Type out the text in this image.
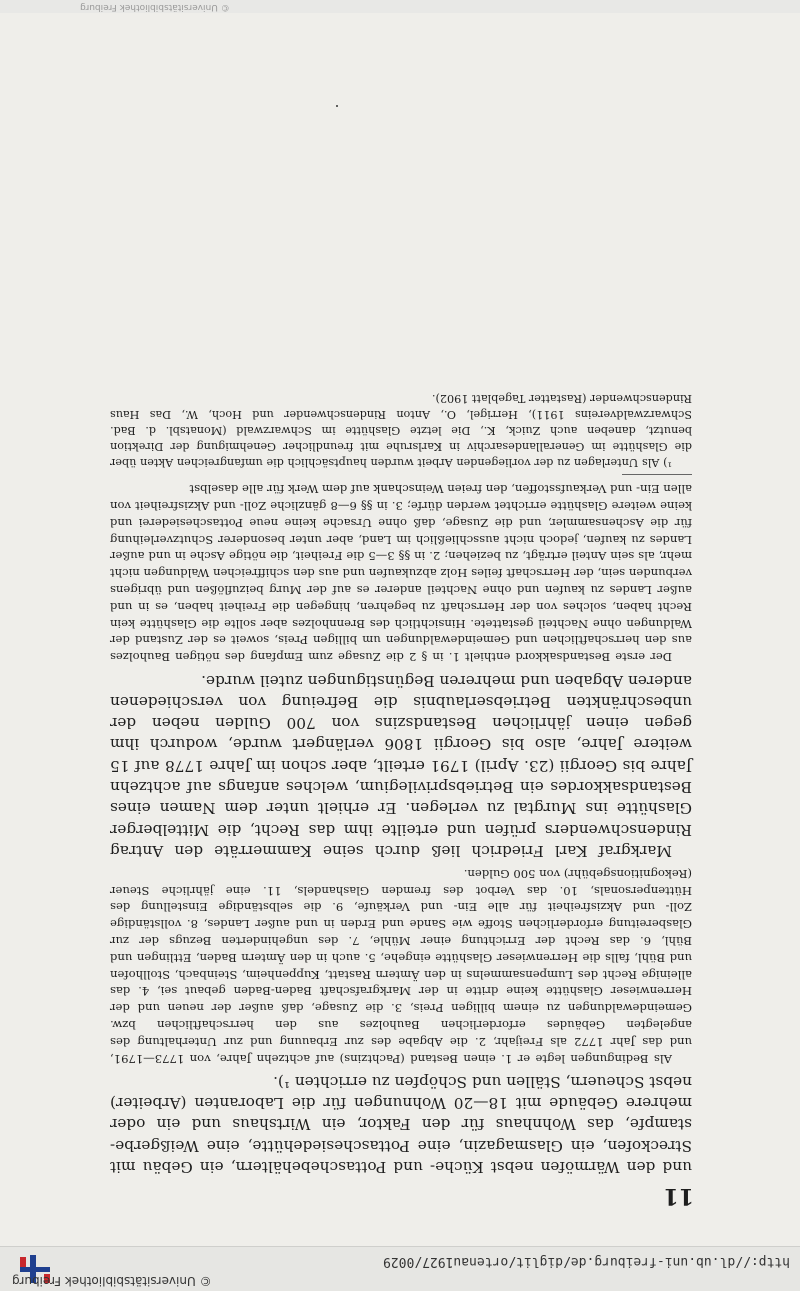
http://dl.ub.uni-freiburg.de/diglit/ortenau1927/0029
© Universitätsbibliothek Freiburg
11

und den Wärmöfen nebst Küche- und Pottaschebehältern, ein Gebäu mit Streckofen, ein Glasmagazin, eine Pottaschesiedehütte, eine Weißgerbe-stampfe, das Wohnhaus für den Faktor, ein Wirtshaus und ein oder mehrere Gebäude mit 18—20 Wohnungen für die Laboranten (Arbeiter) nebst Scheuern, Ställen und Schöpfen zu errichten ¹).

Als Bedingungen legte er 1. einen Bestand (Pachtzins) auf achtzehn Jahre, von 1773—1791, und das Jahr 1772 als Freijahr, 2. die Abgabe des zur Erbauung und zur Unterhaltung des angelegten Gebäudes erforderlichen Bauholzes aus den herrschaftlichen bzw. Gemeindewaldungen zu einem billigen Preis, 3. die Zusage, daß außer der neuen und der Herrenwieser Glashütte keine dritte in der Markgrafschaft Baden-Baden gebaut sei, 4. das alleinige Recht des Lumpensammelns in den Ämtern Rastatt, Kuppenheim, Steinbach, Stollhofen und Bühl, falls die Herrenwieser Glashütte eingehe, 5. auch in den Ämtern Baden, Ettlingen und Bühl, 6. das Recht der Errichtung einer Mühle, 7. des ungehinderten Bezugs der zur Glasbereitung erforderlichen Stoffe wie Sande und Erden in und außer Landes, 8. vollständige Zoll- und Akzisfreiheit für alle Ein- und Verkäufe, 9. die selbständige Einstellung des Hüttenpersonals, 10. das Verbot des fremden Glashandels, 11. eine jährliche Steuer (Rekognitionsgebühr) von 500 Gulden.

Markgraf Karl Friedrich ließ durch seine Kammerräte den Antrag Rindenschwenders prüfen und erteilte ihm das Recht, die Mittelberger Glashütte ins Murgtal zu verlegen. Er erhielt unter dem Namen eines Bestandsakkordes ein Betriebsprivilegium, welches anfangs auf achtzehn Jahre bis Georgii (23. April) 1791 erteilt, aber schon im Jahre 1778 auf 15 weitere Jahre, also bis Georgii 1806 verlängert wurde, wodurch ihm gegen einen jährlichen Bestandszins von 700 Gulden neben der unbeschränkten Betriebserlaubnis die Befreiung von verschiedenen anderen Abgaben und mehreren Begünstigungen zuteil wurde.

Der erste Bestandsakkord enthielt 1. in § 2 die Zusage zum Empfang des nötigen Bauholzes aus den herrschaftlichen und Gemeindewaldungen um billigen Preis, soweit es der Zustand der Waldungen ohne Nachteil gestattete. Hinsichtlich des Brennholzes aber sollte die Glashütte kein Recht haben, solches von der Herrschaft zu begehren, hingegen die Freiheit haben, es in und außer Landes zu kaufen und ohne Nachteil anderer es auf der Murg beizuflößen und übrigens verbunden sein, der Herrschaft feiles Holz abzukaufen und aus den schiffreichen Waldungen nicht mehr, als sein Anteil erträgt, zu beziehen; 2. in §§ 3—5 die Freiheit, die nötige Asche in und außer Landes zu kaufen, jedoch nicht ausschließlich im Land, aber unter besonderer Schutzverleihung für die Aschensammler, und die Zusage, daß ohne Ursache keine neue Pottaschesiederei und keine weitere Glashütte errichtet werden dürfe; 3. in §§ 6—8 gänzliche Zoll- und Akzisfreiheit von allen Ein- und Verkaufsstoffen, den freien Weinschank auf dem Werk für alle daselbst

¹) Als Unterlagen zu der vorliegenden Arbeit wurden hauptsächlich die umfangreichen Akten über die Glashütte im Generallandesarchiv in Karlsruhe mit freundlicher Genehmigung der Direktion benutzt, daneben auch Zuick, K., Die letzte Glashütte im Schwarzwald (Monatsbl. d. Bad. Schwarzwaldvereins 1911), Herrigel, O., Anton Rindenschwender und Hoch, W., Das Haus Rindenschwender (Rastatter Tageblatt 1902).

© Universitätsbibliothek Freiburg
